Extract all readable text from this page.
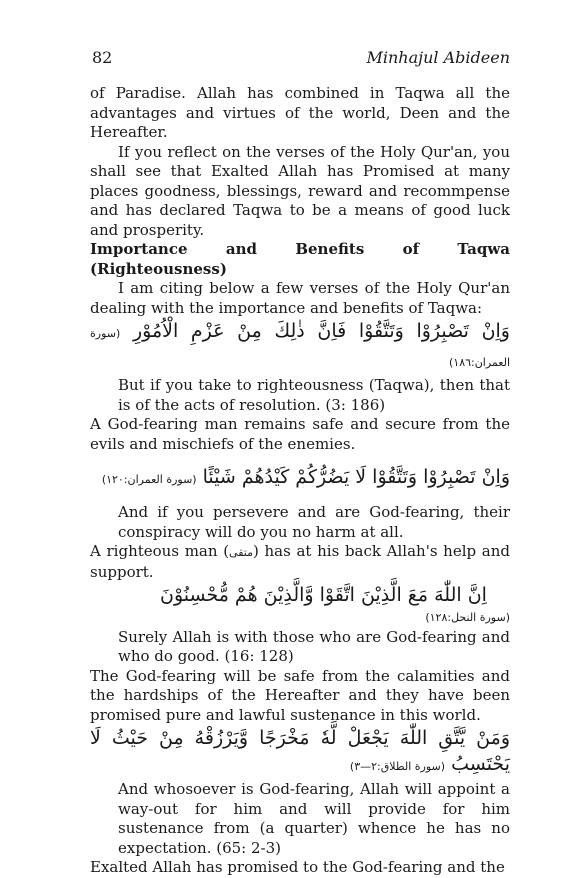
82	Minhajul Abideen

of Paradise. Allah has combined in Taqwa all the advantages and virtues of the world, Deen and the Hereafter.

If you reflect on the verses of the Holy Qur'an, you shall see that Exalted Allah has Promised at many places goodness, blessings, reward and recommpense and has declared Taqwa to be a means of good luck and prosperity.

Importance and Benefits of Taqwa (Righteousness)

I am citing below a few verses of the Holy Qur'an dealing with the importance and benefits of Taqwa:

وَاِنْ تَصْبِرُوْا وَتَتَّقُوْا فَاِنَّ ذٰلِكَ مِنْ عَزْمِ الْاُمُوْرِ (سورة العمران:١٨٦)

But if you take to righteousness (Taqwa), then that is of the acts of resolution. (3: 186)

A God-fearing man remains safe and secure from the evils and mischiefs of the enemies.

وَاِنْ تَصْبِرُوْا وَتَتَّقُوْا لَا يَضُرُّكُمْ كَيْدُهُمْ شَيْئًا (سورة العمران:١٢٠)

And if you persevere and are God-fearing, their conspiracy will do you no harm at all.

A righteous man (متقى) has at his back Allah's help and support.

اِنَّ اللّٰهَ مَعَ الَّذِيْنَ اتَّقَوْا وَّالَّذِيْنَ هُمْ مُّحْسِنُوْنَ

(سورة النحل:١٢٨)

Surely Allah is with those who are God-fearing and who do good. (16: 128)

The God-fearing will be safe from the calamities and the hardships of the Hereafter and they have been promised pure and lawful sustenance in this world.

وَمَنْ يَّتَّقِ اللّٰهَ يَجْعَلْ لَّهٗ مَخْرَجًا وَّيَرْزُقْهُ مِنْ حَيْثُ لَا يَحْتَسِبُ (سورة الطلاق:٢—٣)

And whosoever is God-fearing, Allah will appoint a way-out for him and will provide for him sustenance from (a quarter) whence he has no expectation. (65: 2-3)

Exalted Allah has promised to the God-fearing and the
